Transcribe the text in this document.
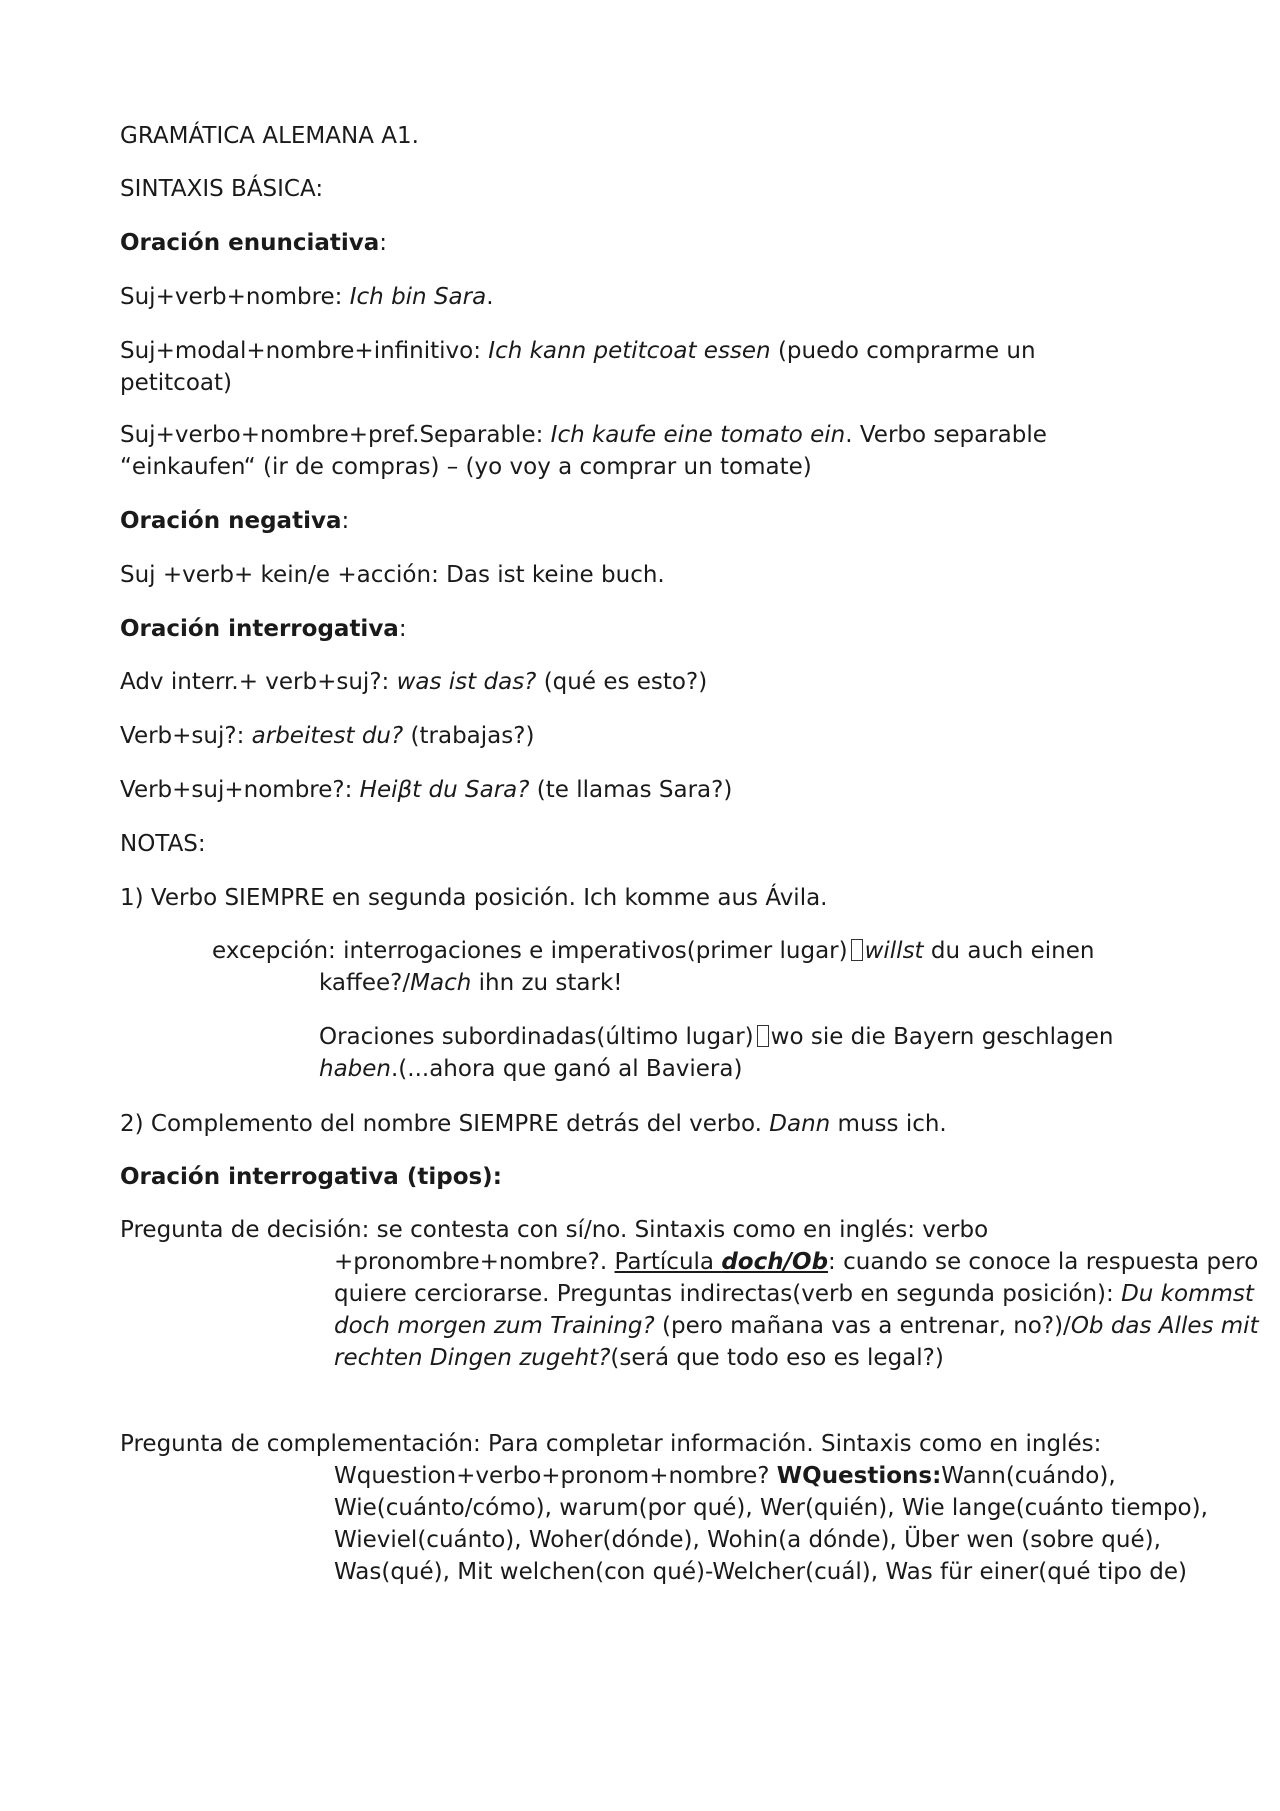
GRAMÁTICA ALEMANA A1.

SINTAXIS BÁSICA:

Oración enunciativa:

Suj+verb+nombre: Ich bin Sara.

Suj+modal+nombre+infinitivo: Ich kann petitcoat essen (puedo comprarme un petitcoat)

Suj+verbo+nombre+pref.Separable: Ich kaufe eine tomato ein. Verbo separable “einkaufen“ (ir de compras) – (yo voy a comprar un tomate)

Oración negativa:

Suj +verb+ kein/e +acción: Das ist keine buch.

Oración interrogativa:

Adv interr.+ verb+suj?: was ist das? (qué es esto?)

Verb+suj?: arbeitest du? (trabajas?)

Verb+suj+nombre?: Heiβt du Sara? (te llamas Sara?)

NOTAS:

1) Verbo SIEMPRE en segunda posición. Ich komme aus Ávila.

excepción: interrogaciones e imperativos(primer lugar) willst du auch einen kaffee?/Mach ihn zu stark!

Oraciones subordinadas(último lugar) wo sie die Bayern geschlagen haben.(...ahora que ganó al Baviera)

2) Complemento del nombre SIEMPRE detrás del verbo. Dann muss ich.

Oración interrogativa (tipos):

Pregunta de decisión: se contesta con sí/no. Sintaxis como en inglés: verbo +pronombre+nombre?. Partícula doch/Ob: cuando se conoce la respuesta pero quiere cerciorarse. Preguntas indirectas(verb en segunda posición): Du kommst doch morgen zum Training? (pero mañana vas a entrenar, no?)/Ob das Alles mit rechten Dingen zugeht?(será que todo eso es legal?)

Pregunta de complementación: Para completar información. Sintaxis como en inglés: Wquestion+verbo+pronom+nombre? WQuestions:Wann(cuándo), Wie(cuánto/cómo), warum(por qué), Wer(quién), Wie lange(cuánto tiempo), Wieviel(cuánto), Woher(dónde), Wohin(a dónde), Über wen (sobre qué), Was(qué), Mit welchen(con qué)-Welcher(cuál), Was für einer(qué tipo de)
